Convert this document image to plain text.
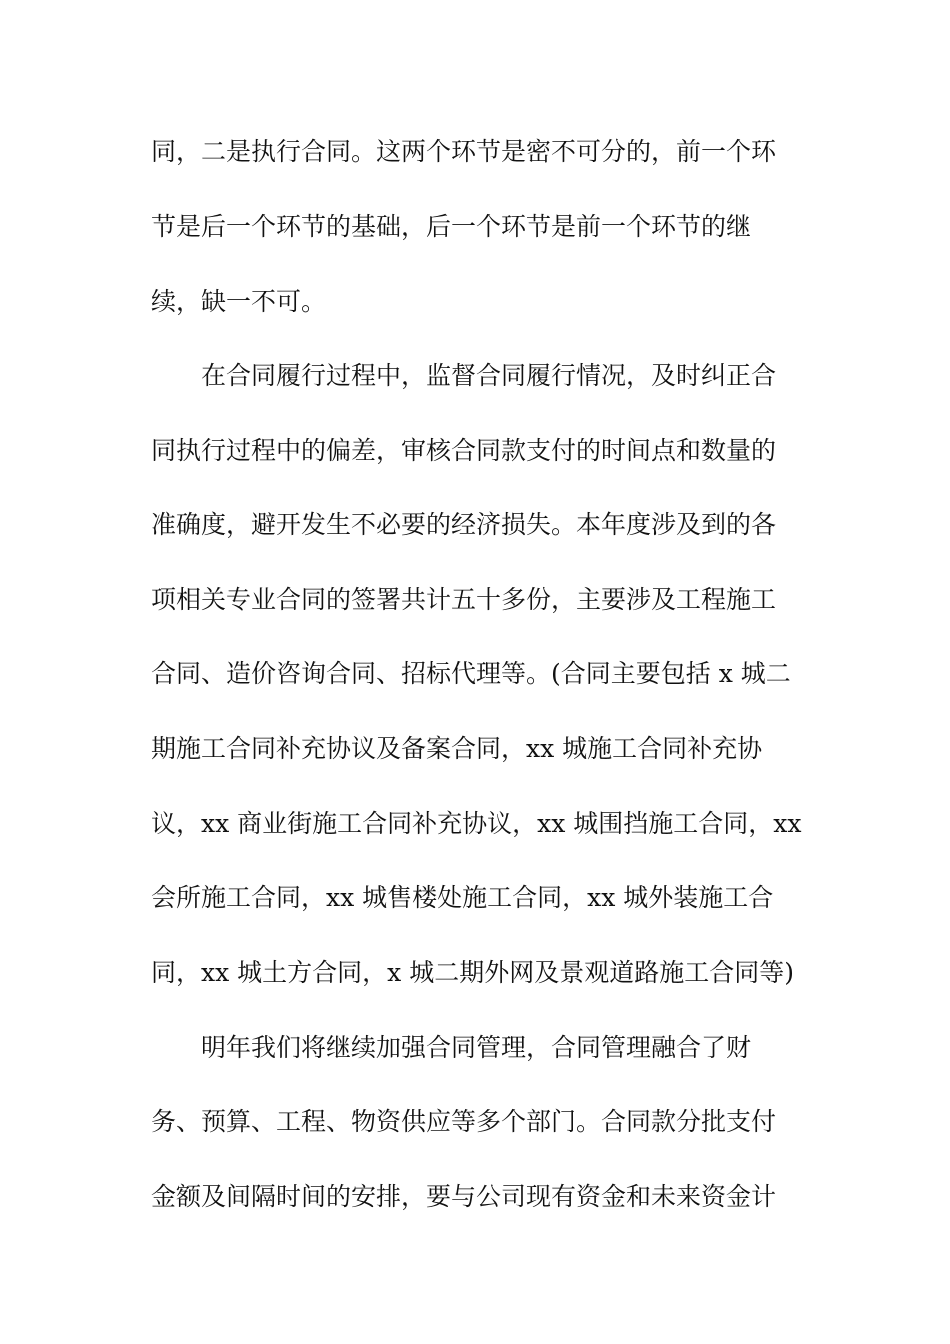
同，二是执行合同。这两个环节是密不可分的，前一个环
节是后一个环节的基础，后一个环节是前一个环节的继
续，缺一不可。
在合同履行过程中，监督合同履行情况，及时纠正合
同执行过程中的偏差，审核合同款支付的时间点和数量的
准确度，避开发生不必要的经济损失。本年度涉及到的各
项相关专业合同的签署共计五十多份，主要涉及工程施工
合同、造价咨询合同、招标代理等。(合同主要包括 x 城二
期施工合同补充协议及备案合同，xx 城施工合同补充协
议，xx 商业街施工合同补充协议，xx 城围挡施工合同，xx
会所施工合同，xx 城售楼处施工合同，xx 城外装施工合
同，xx 城土方合同，x 城二期外网及景观道路施工合同等)
明年我们将继续加强合同管理，合同管理融合了财
务、预算、工程、物资供应等多个部门。合同款分批支付
金额及间隔时间的安排，要与公司现有资金和未来资金计
